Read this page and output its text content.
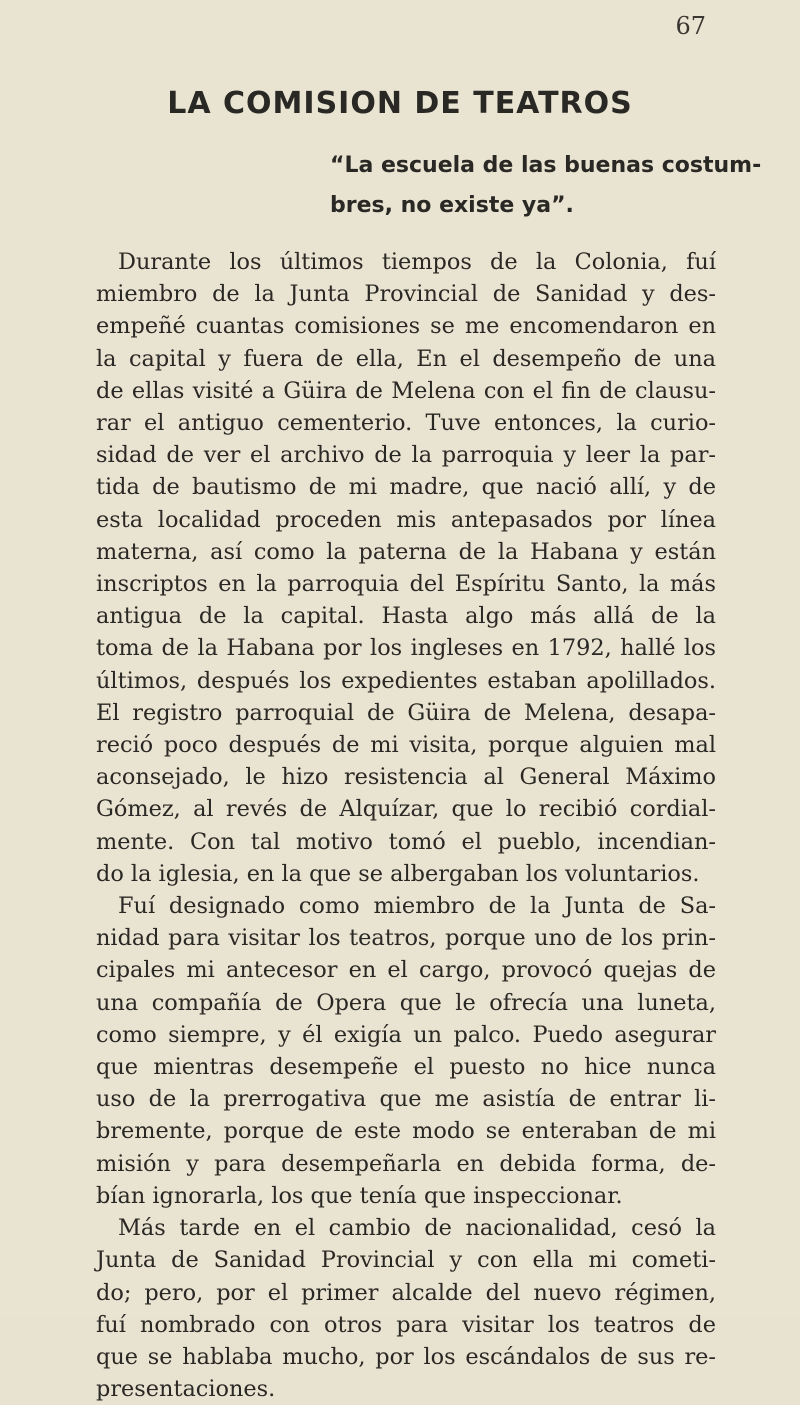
67
LA COMISION DE TEATROS
“La escuela de las buenas costum-
bres, no existe ya”.
Durante los últimos tiempos de la Colonia, fuí
miembro de la Junta Provincial de Sanidad y des-
empeñé cuantas comisiones se me encomendaron en
la capital y fuera de ella, En el desempeño de una
de ellas visité a Güira de Melena con el fin de clausu-
rar el antiguo cementerio. Tuve entonces, la curio-
sidad de ver el archivo de la parroquia y leer la par-
tida de bautismo de mi madre, que nació allí, y de
esta localidad proceden mis antepasados por línea
materna, así como la paterna de la Habana y están
inscriptos en la parroquia del Espíritu Santo, la más
antigua de la capital. Hasta algo más allá de la
toma de la Habana por los ingleses en 1792, hallé los
últimos, después los expedientes estaban apolillados.
El registro parroquial de Güira de Melena, desapa-
reció poco después de mi visita, porque alguien mal
aconsejado, le hizo resistencia al General Máximo
Gómez, al revés de Alquízar, que lo recibió cordial-
mente. Con tal motivo tomó el pueblo, incendian-
do la iglesia, en la que se albergaban los voluntarios.
Fuí designado como miembro de la Junta de Sa-
nidad para visitar los teatros, porque uno de los prin-
cipales mi antecesor en el cargo, provocó quejas de
una compañía de Opera que le ofrecía una luneta,
como siempre, y él exigía un palco. Puedo asegurar
que mientras desempeñe el puesto no hice nunca
uso de la prerrogativa que me asistía de entrar li-
bremente, porque de este modo se enteraban de mi
misión y para desempeñarla en debida forma, de-
bían ignorarla, los que tenía que inspeccionar.
Más tarde en el cambio de nacionalidad, cesó la
Junta de Sanidad Provincial y con ella mi cometi-
do; pero, por el primer alcalde del nuevo régimen,
fuí nombrado con otros para visitar los teatros de
que se hablaba mucho, por los escándalos de sus re-
presentaciones.
